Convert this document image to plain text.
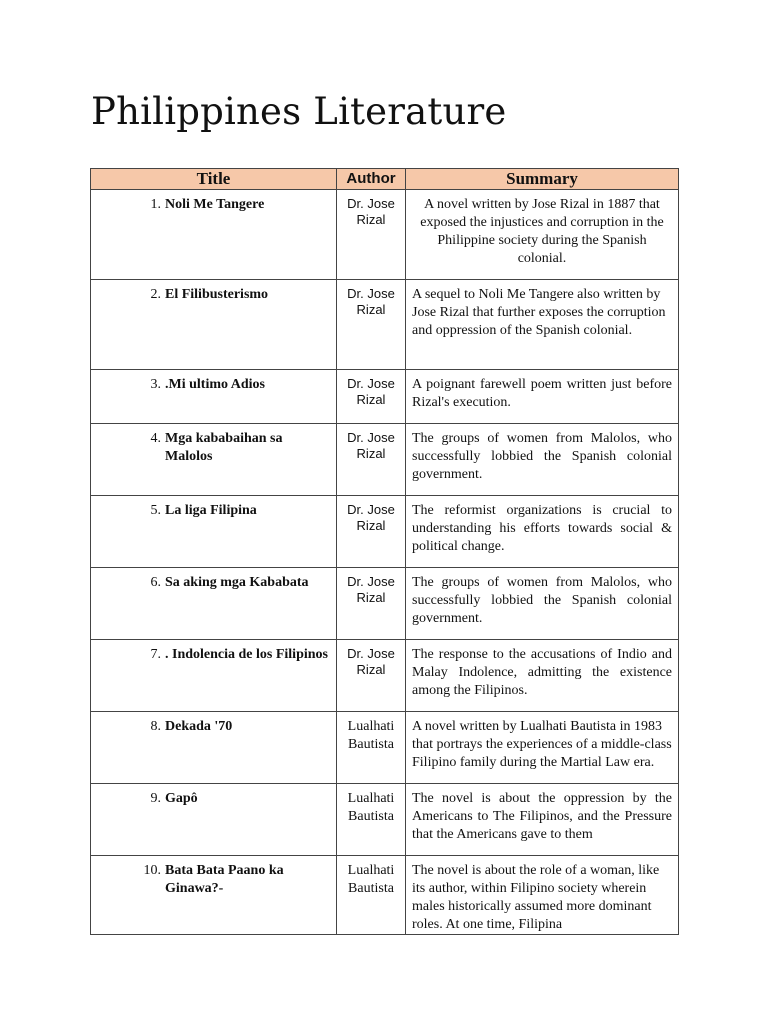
Philippines Literature
Title	Author	Summary

1. Noli Me Tangere	Dr. Jose Rizal	A novel written by Jose Rizal in 1887 that exposed the injustices and corruption in the Philippine society during the Spanish colonial.

2. El Filibusterismo	Dr. Jose Rizal	A sequel to Noli Me Tangere also written by Jose Rizal that further exposes the corruption and oppression of the Spanish colonial.

3. .Mi ultimo Adios	Dr. Jose Rizal	A poignant farewell poem written just before Rizal's execution.

4. Mga kababaihan sa Malolos	Dr. Jose Rizal	The groups of women from Malolos, who successfully lobbied the Spanish colonial government.

5. La liga Filipina	Dr. Jose Rizal	The reformist organizations is crucial to understanding his efforts towards social & political change.

6. Sa aking mga Kababata	Dr. Jose Rizal	The groups of women from Malolos, who successfully lobbied the Spanish colonial government.

7. . Indolencia de los Filipinos	Dr. Jose Rizal	The response to the accusations of Indio and Malay Indolence, admitting the existence among the Filipinos.

8. Dekada '70	Lualhati Bautista	A novel written by Lualhati Bautista in 1983 that portrays the experiences of a middle-class Filipino family during the Martial Law era.

9. Gapô	Lualhati Bautista	The novel is about the oppression by the Americans to The Filipinos, and the Pressure that the Americans gave to them

10. Bata Bata Paano ka Ginawa?-	Lualhati Bautista	The novel is about the role of a woman, like its author, within Filipino society wherein males historically assumed more dominant roles. At one time, Filipina
